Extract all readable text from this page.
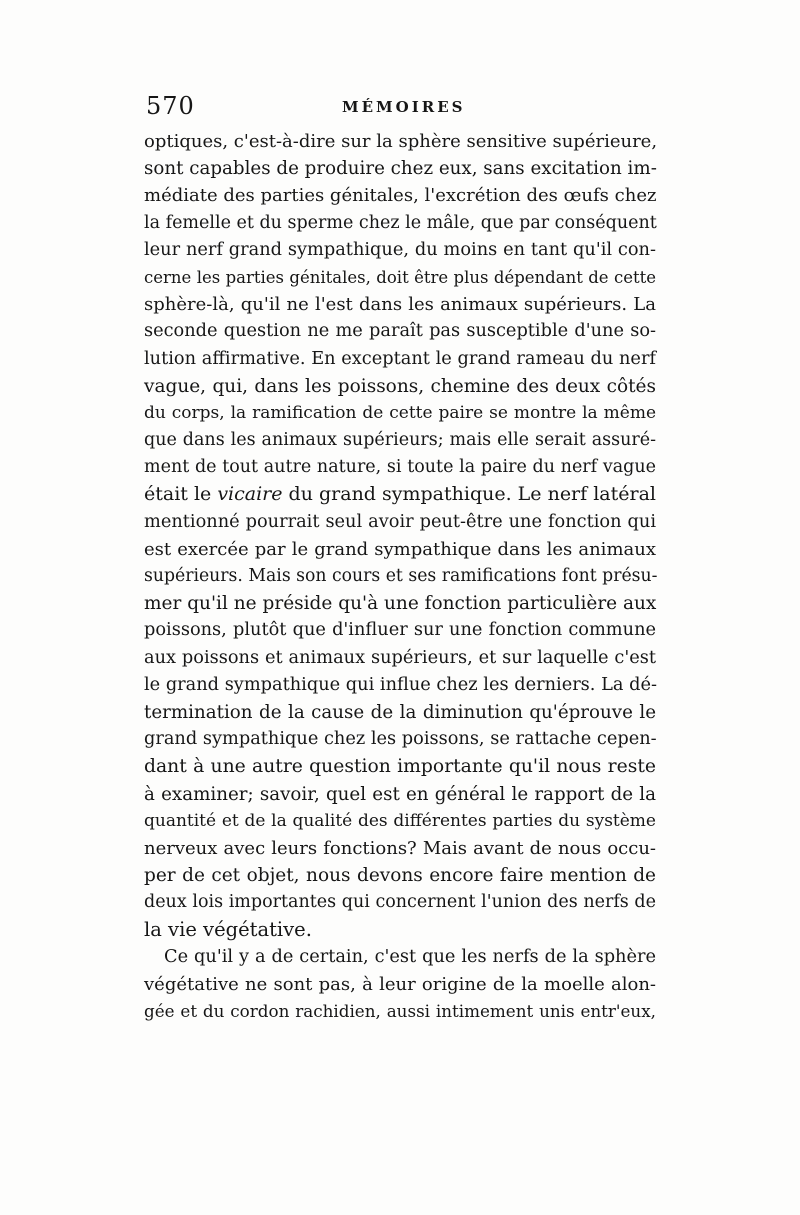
570	MÉMOIRES
optiques, c'est-à-dire sur la sphère sensitive supérieure,
sont capables de produire chez eux, sans excitation im-
médiate des parties génitales, l'excrétion des œufs chez
la femelle et du sperme chez le mâle, que par conséquent
leur nerf grand sympathique, du moins en tant qu'il con-
cerne les parties génitales, doit être plus dépendant de cette
sphère-là, qu'il ne l'est dans les animaux supérieurs. La
seconde question ne me paraît pas susceptible d'une so-
lution affirmative. En exceptant le grand rameau du nerf
vague, qui, dans les poissons, chemine des deux côtés
du corps, la ramification de cette paire se montre la même
que dans les animaux supérieurs; mais elle serait assuré-
ment de tout autre nature, si toute la paire du nerf vague
était le vicaire du grand sympathique. Le nerf latéral
mentionné pourrait seul avoir peut-être une fonction qui
est exercée par le grand sympathique dans les animaux
supérieurs. Mais son cours et ses ramifications font présu-
mer qu'il ne préside qu'à une fonction particulière aux
poissons, plutôt que d'influer sur une fonction commune
aux poissons et animaux supérieurs, et sur laquelle c'est
le grand sympathique qui influe chez les derniers. La dé-
termination de la cause de la diminution qu'éprouve le
grand sympathique chez les poissons, se rattache cepen-
dant à une autre question importante qu'il nous reste
à examiner; savoir, quel est en général le rapport de la
quantité et de la qualité des différentes parties du système
nerveux avec leurs fonctions? Mais avant de nous occu-
per de cet objet, nous devons encore faire mention de
deux lois importantes qui concernent l'union des nerfs de
la vie végétative.
Ce qu'il y a de certain, c'est que les nerfs de la sphère
végétative ne sont pas, à leur origine de la moelle alon-
gée et du cordon rachidien, aussi intimement unis entr'eux,
